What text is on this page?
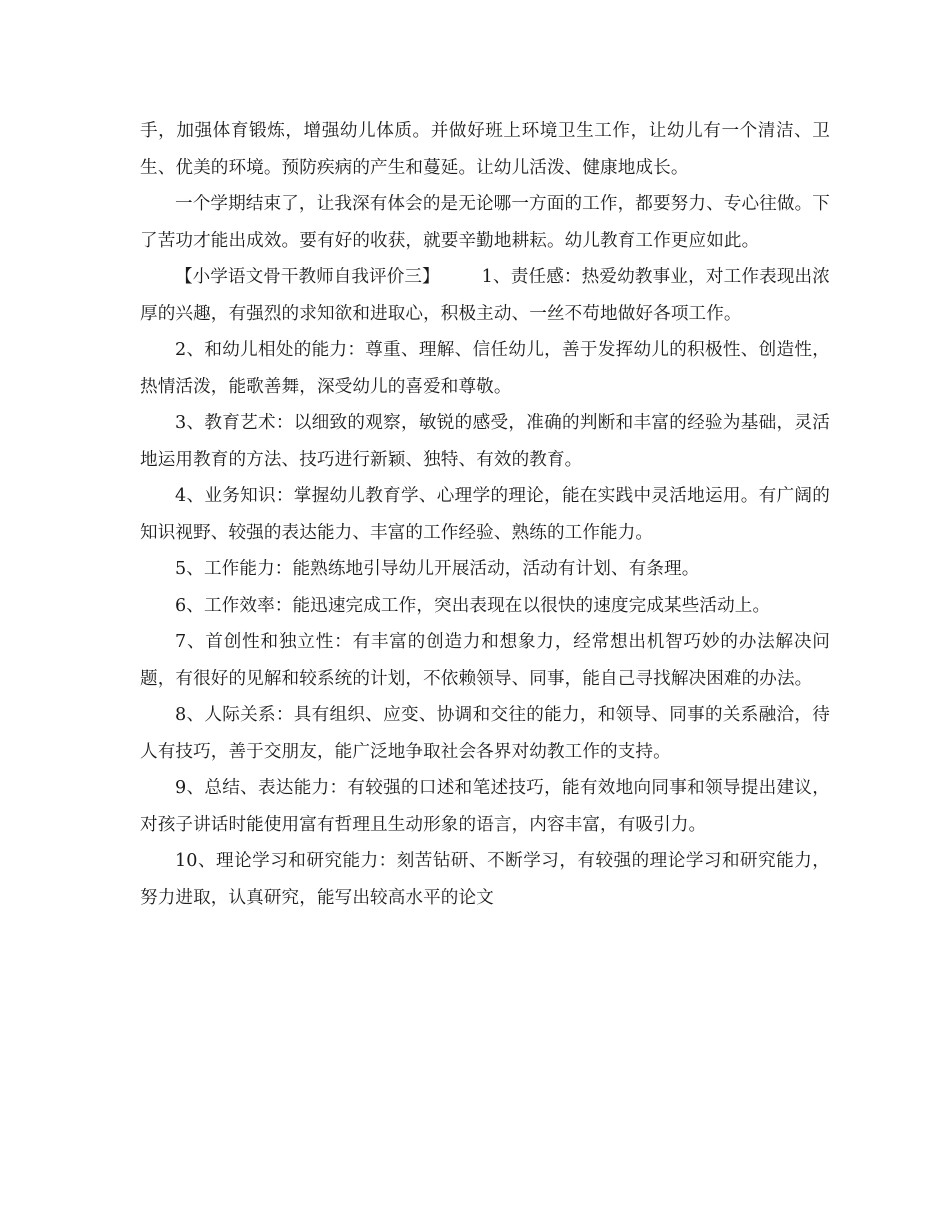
手，加强体育锻炼，增强幼儿体质。并做好班上环境卫生工作，让幼儿有一个清洁、卫生、优美的环境。预防疾病的产生和蔓延。让幼儿活泼、健康地成长。

一个学期结束了，让我深有体会的是无论哪一方面的工作，都要努力、专心往做。下了苦功才能出成效。要有好的收获，就要辛勤地耕耘。幼儿教育工作更应如此。

【小学语文骨干教师自我评价三】 1、责任感：热爱幼教事业，对工作表现出浓厚的兴趣，有强烈的求知欲和进取心，积极主动、一丝不苟地做好各项工作。

2、和幼儿相处的能力：尊重、理解、信任幼儿，善于发挥幼儿的积极性、创造性，热情活泼，能歌善舞，深受幼儿的喜爱和尊敬。

3、教育艺术：以细致的观察，敏锐的感受，准确的判断和丰富的经验为基础，灵活地运用教育的方法、技巧进行新颖、独特、有效的教育。

4、业务知识：掌握幼儿教育学、心理学的理论，能在实践中灵活地运用。有广阔的知识视野、较强的表达能力、丰富的工作经验、熟练的工作能力。

5、工作能力：能熟练地引导幼儿开展活动，活动有计划、有条理。

6、工作效率：能迅速完成工作，突出表现在以很快的速度完成某些活动上。

7、首创性和独立性：有丰富的创造力和想象力，经常想出机智巧妙的办法解决问题，有很好的见解和较系统的计划，不依赖领导、同事，能自己寻找解决困难的办法。

8、人际关系：具有组织、应变、协调和交往的能力，和领导、同事的关系融洽，待人有技巧，善于交朋友，能广泛地争取社会各界对幼教工作的支持。

9、总结、表达能力：有较强的口述和笔述技巧，能有效地向同事和领导提出建议，对孩子讲话时能使用富有哲理且生动形象的语言，内容丰富，有吸引力。

10、理论学习和研究能力：刻苦钻研、不断学习，有较强的理论学习和研究能力，努力进取，认真研究，能写出较高水平的论文
